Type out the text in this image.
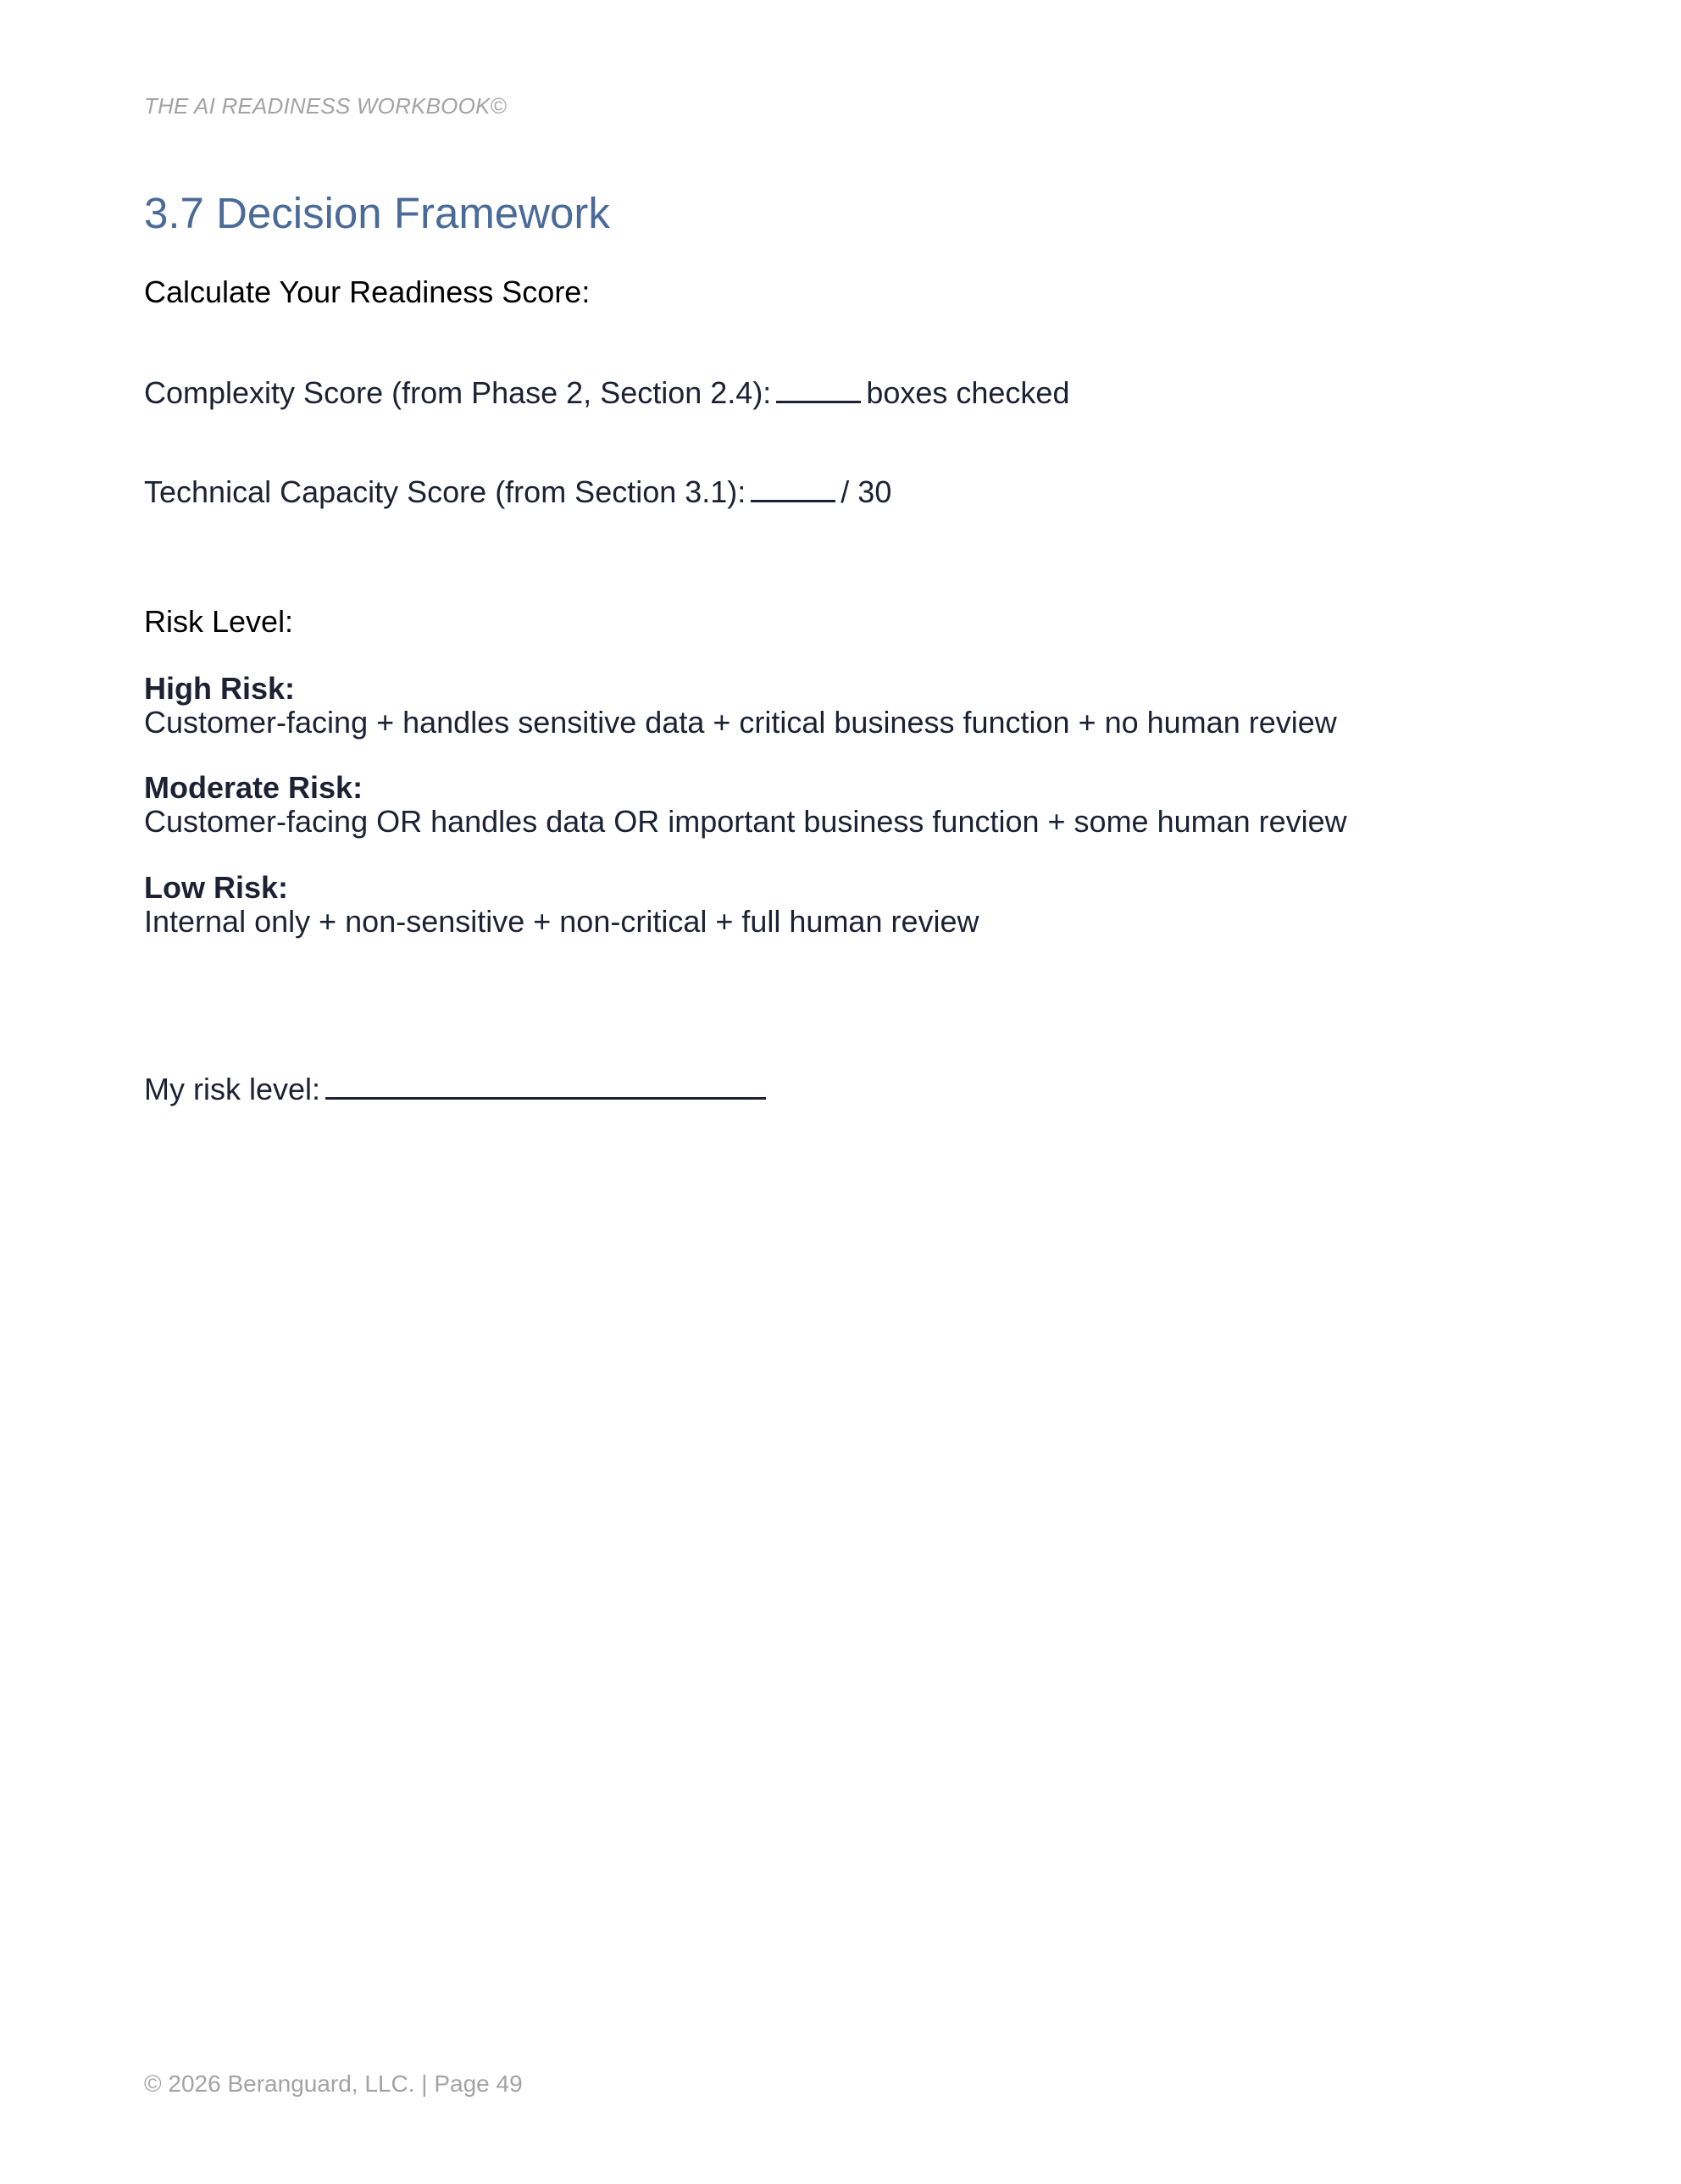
THE AI READINESS WORKBOOK©
3.7 Decision Framework
Calculate Your Readiness Score:
Complexity Score (from Phase 2, Section 2.4):	boxes checked
Technical Capacity Score (from Section 3.1):	/ 30
Risk Level:
High Risk:
Customer-facing + handles sensitive data + critical business function + no human review
Moderate Risk:
Customer-facing OR handles data OR important business function + some human review
Low Risk:
Internal only + non-sensitive + non-critical + full human review
My risk level:
© 2026 Beranguard, LLC. | Page 49
